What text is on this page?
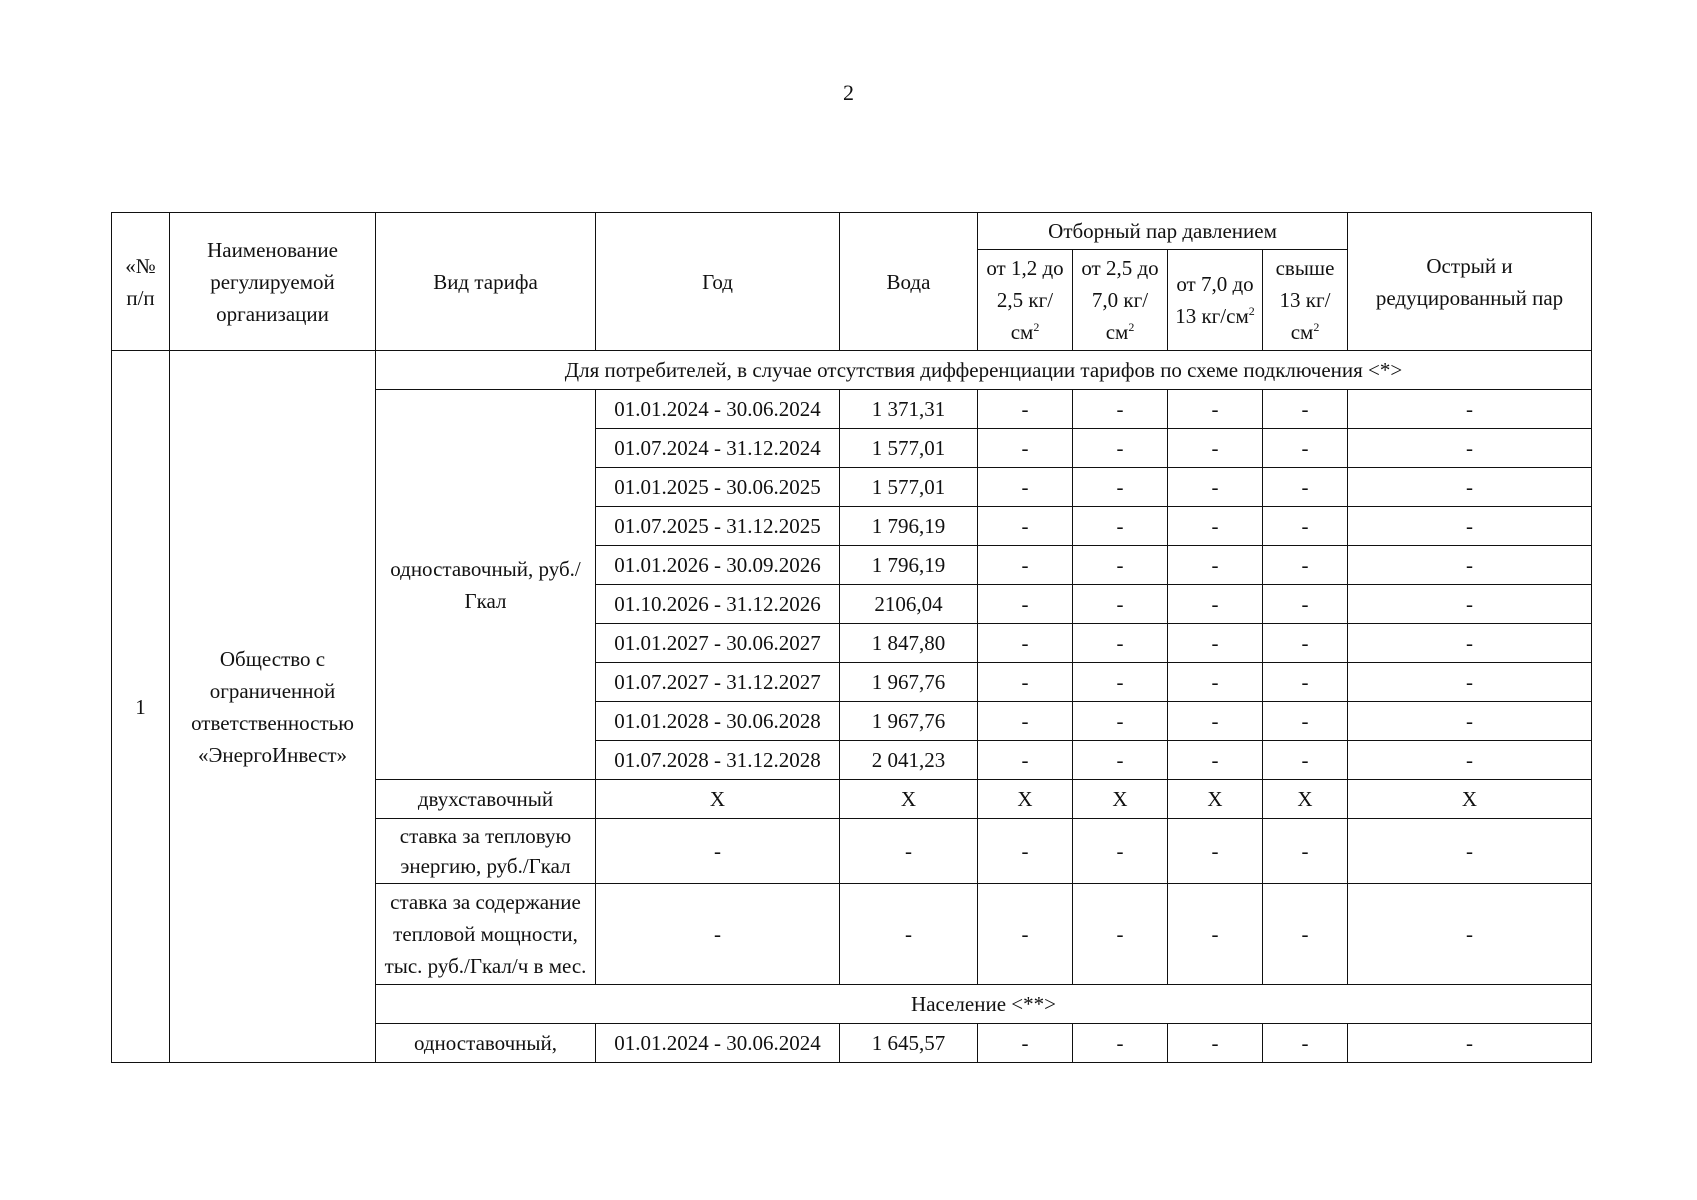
2
«№ п/п	Наименование регулируемой организации	Вид тарифа	Год	Вода	Отборный пар давлением				Острый и редуцированный пар
					от 1,2 до 2,5 $кг/см^2$	от 2,5 до 7,0 $кг/см^2$	от 7,0 до 13 $кг/см^2$	свыше 13 $кг/см^2$
1	Общество с ограниченной ответственностью «ЭнергоИнвест»	Для потребителей, в случае отсутствия дифференциации тарифов по схеме подключения <*>							
		одноставочный, руб./Гкал	01.01.2024 - 30.06.2024	1 371,31	-	-	-	-	-
			01.07.2024 - 31.12.2024	1 577,01	-	-	-	-	-
			01.01.2025 - 30.06.2025	1 577,01	-	-	-	-	-
			01.07.2025 - 31.12.2025	1 796,19	-	-	-	-	-
			01.01.2026 - 30.09.2026	1 796,19	-	-	-	-	-
			01.10.2026 - 31.12.2026	2106,04	-	-	-	-	-
			01.01.2027 - 30.06.2027	1 847,80	-	-	-	-	-
			01.07.2027 - 31.12.2027	1 967,76	-	-	-	-	-
			01.01.2028 - 30.06.2028	1 967,76	-	-	-	-	-
			01.07.2028 - 31.12.2028	2 041,23	-	-	-	-	-
		двухставочный	X	X	X	X	X	X	X
		ставка за тепловую энергию, руб./Гкал	-	-	-	-	-	-	-
		ставка за содержание тепловой мощности, тыс. руб./Гкал/ч в мес.	-	-	-	-	-	-	-
		Население <**>							
		одноставочный,	01.01.2024 - 30.06.2024	1 645,57	-	-	-	-	-
